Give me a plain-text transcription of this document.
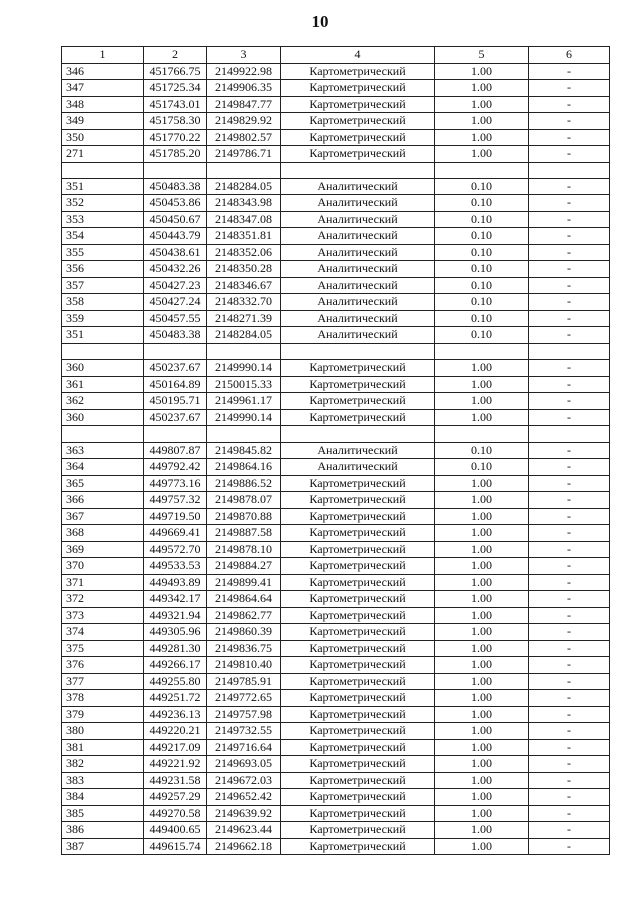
10
1	2	3	4	5	6
346	451766.75	2149922.98	Картометрический	1.00	-
347	451725.34	2149906.35	Картометрический	1.00	-
348	451743.01	2149847.77	Картометрический	1.00	-
349	451758.30	2149829.92	Картометрический	1.00	-
350	451770.22	2149802.57	Картометрический	1.00	-
271	451785.20	2149786.71	Картометрический	1.00	-

351	450483.38	2148284.05	Аналитический	0.10	-
352	450453.86	2148343.98	Аналитический	0.10	-
353	450450.67	2148347.08	Аналитический	0.10	-
354	450443.79	2148351.81	Аналитический	0.10	-
355	450438.61	2148352.06	Аналитический	0.10	-
356	450432.26	2148350.28	Аналитический	0.10	-
357	450427.23	2148346.67	Аналитический	0.10	-
358	450427.24	2148332.70	Аналитический	0.10	-
359	450457.55	2148271.39	Аналитический	0.10	-
351	450483.38	2148284.05	Аналитический	0.10	-

360	450237.67	2149990.14	Картометрический	1.00	-
361	450164.89	2150015.33	Картометрический	1.00	-
362	450195.71	2149961.17	Картометрический	1.00	-
360	450237.67	2149990.14	Картометрический	1.00	-

363	449807.87	2149845.82	Аналитический	0.10	-
364	449792.42	2149864.16	Аналитический	0.10	-
365	449773.16	2149886.52	Картометрический	1.00	-
366	449757.32	2149878.07	Картометрический	1.00	-
367	449719.50	2149870.88	Картометрический	1.00	-
368	449669.41	2149887.58	Картометрический	1.00	-
369	449572.70	2149878.10	Картометрический	1.00	-
370	449533.53	2149884.27	Картометрический	1.00	-
371	449493.89	2149899.41	Картометрический	1.00	-
372	449342.17	2149864.64	Картометрический	1.00	-
373	449321.94	2149862.77	Картометрический	1.00	-
374	449305.96	2149860.39	Картометрический	1.00	-
375	449281.30	2149836.75	Картометрический	1.00	-
376	449266.17	2149810.40	Картометрический	1.00	-
377	449255.80	2149785.91	Картометрический	1.00	-
378	449251.72	2149772.65	Картометрический	1.00	-
379	449236.13	2149757.98	Картометрический	1.00	-
380	449220.21	2149732.55	Картометрический	1.00	-
381	449217.09	2149716.64	Картометрический	1.00	-
382	449221.92	2149693.05	Картометрический	1.00	-
383	449231.58	2149672.03	Картометрический	1.00	-
384	449257.29	2149652.42	Картометрический	1.00	-
385	449270.58	2149639.92	Картометрический	1.00	-
386	449400.65	2149623.44	Картометрический	1.00	-
387	449615.74	2149662.18	Картометрический	1.00	-
